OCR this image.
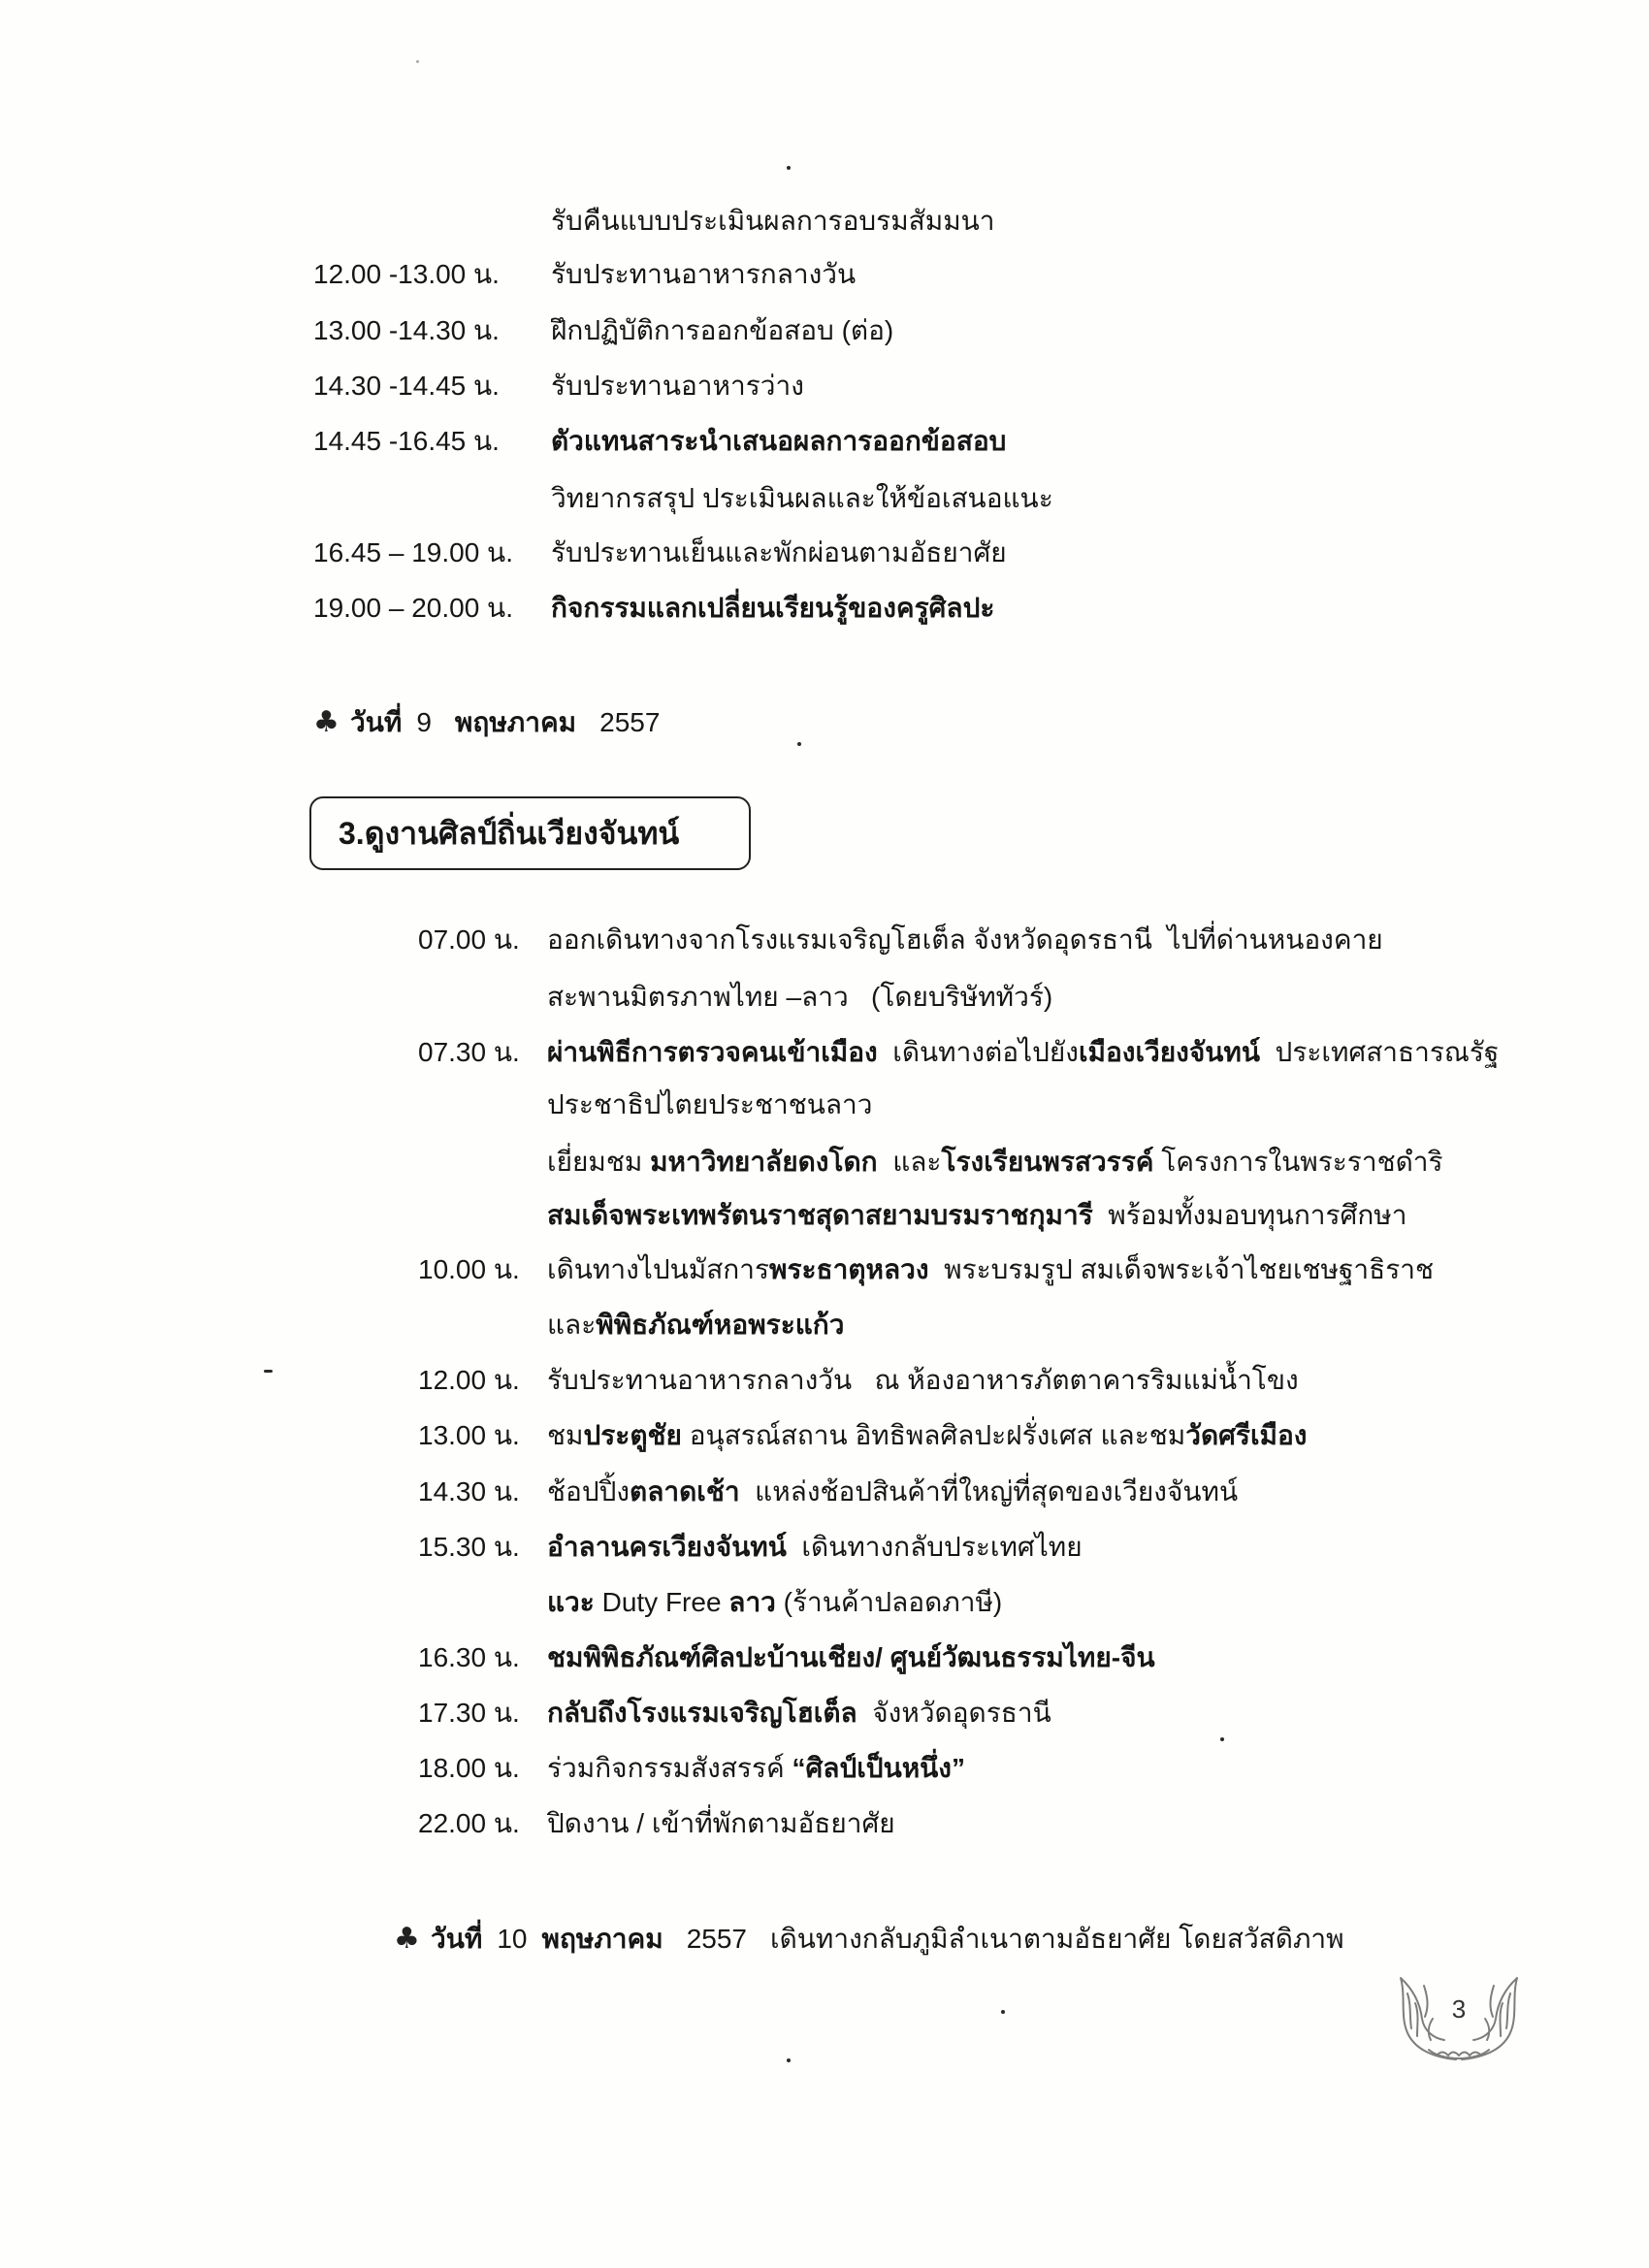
รับคืนแบบประเมินผลการอบรมสัมมนา
12.00 -13.00 น. รับประทานอาหารกลางวัน
13.00 -14.30 น. ฝึกปฏิบัติการออกข้อสอบ (ต่อ)
14.30 -14.45 น. รับประทานอาหารว่าง
14.45 -16.45 น. ตัวแทนสาระนำเสนอผลการออกข้อสอบ
วิทยากรสรุป ประเมินผลและให้ข้อเสนอแนะ
16.45 – 19.00 น. รับประทานเย็นและพักผ่อนตามอัธยาศัย
19.00 – 20.00 น. กิจกรรมแลกเปลี่ยนเรียนรู้ของครูศิลปะ
♣ วันที่ 9 พฤษภาคม 2557
3.ดูงานศิลป์ถิ่นเวียงจันทน์
07.00 น. ออกเดินทางจากโรงแรมเจริญโฮเต็ล จังหวัดอุดรธานี  ไปที่ด่านหนองคาย
สะพานมิตรภาพไทย –ลาว   (โดยบริษัททัวร์)
07.30 น. ผ่านพิธีการตรวจคนเข้าเมือง  เดินทางต่อไปยังเมืองเวียงจันทน์  ประเทศสาธารณรัฐ
ประชาธิปไตยประชาชนลาว
เยี่ยมชม มหาวิทยาลัยดงโดก  และโรงเรียนพรสวรรค์ โครงการในพระราชดำริ
สมเด็จพระเทพรัตนราชสุดาสยามบรมราชกุมารี  พร้อมทั้งมอบทุนการศึกษา
10.00 น. เดินทางไปนมัสการพระธาตุหลวง  พระบรมรูป สมเด็จพระเจ้าไชยเชษฐาธิราช
และพิพิธภัณฑ์หอพระแก้ว
12.00 น. รับประทานอาหารกลางวัน   ณ ห้องอาหารภัตตาคารริมแม่น้ำโขง
13.00 น. ชมประตูชัย อนุสรณ์สถาน อิทธิพลศิลปะฝรั่งเศส และชมวัดศรีเมือง
14.30 น. ช้อปปิ้งตลาดเช้า  แหล่งช้อปสินค้าที่ใหญ่ที่สุดของเวียงจันทน์
15.30 น. อำลานครเวียงจันทน์  เดินทางกลับประเทศไทย
แวะ Duty Free ลาว (ร้านค้าปลอดภาษี)
16.30 น. ชมพิพิธภัณฑ์ศิลปะบ้านเชียง/ ศูนย์วัฒนธรรมไทย-จีน
17.30 น. กลับถึงโรงแรมเจริญโฮเต็ล  จังหวัดอุดรธานี
18.00 น. ร่วมกิจกรรมสังสรรค์ “ศิลป์เป็นหนึ่ง”
22.00 น. ปิดงาน / เข้าที่พักตามอัธยาศัย
♣ วันที่ 10 พฤษภาคม 2557 เดินทางกลับภูมิลำเนาตามอัธยาศัย โดยสวัสดิภาพ
3
